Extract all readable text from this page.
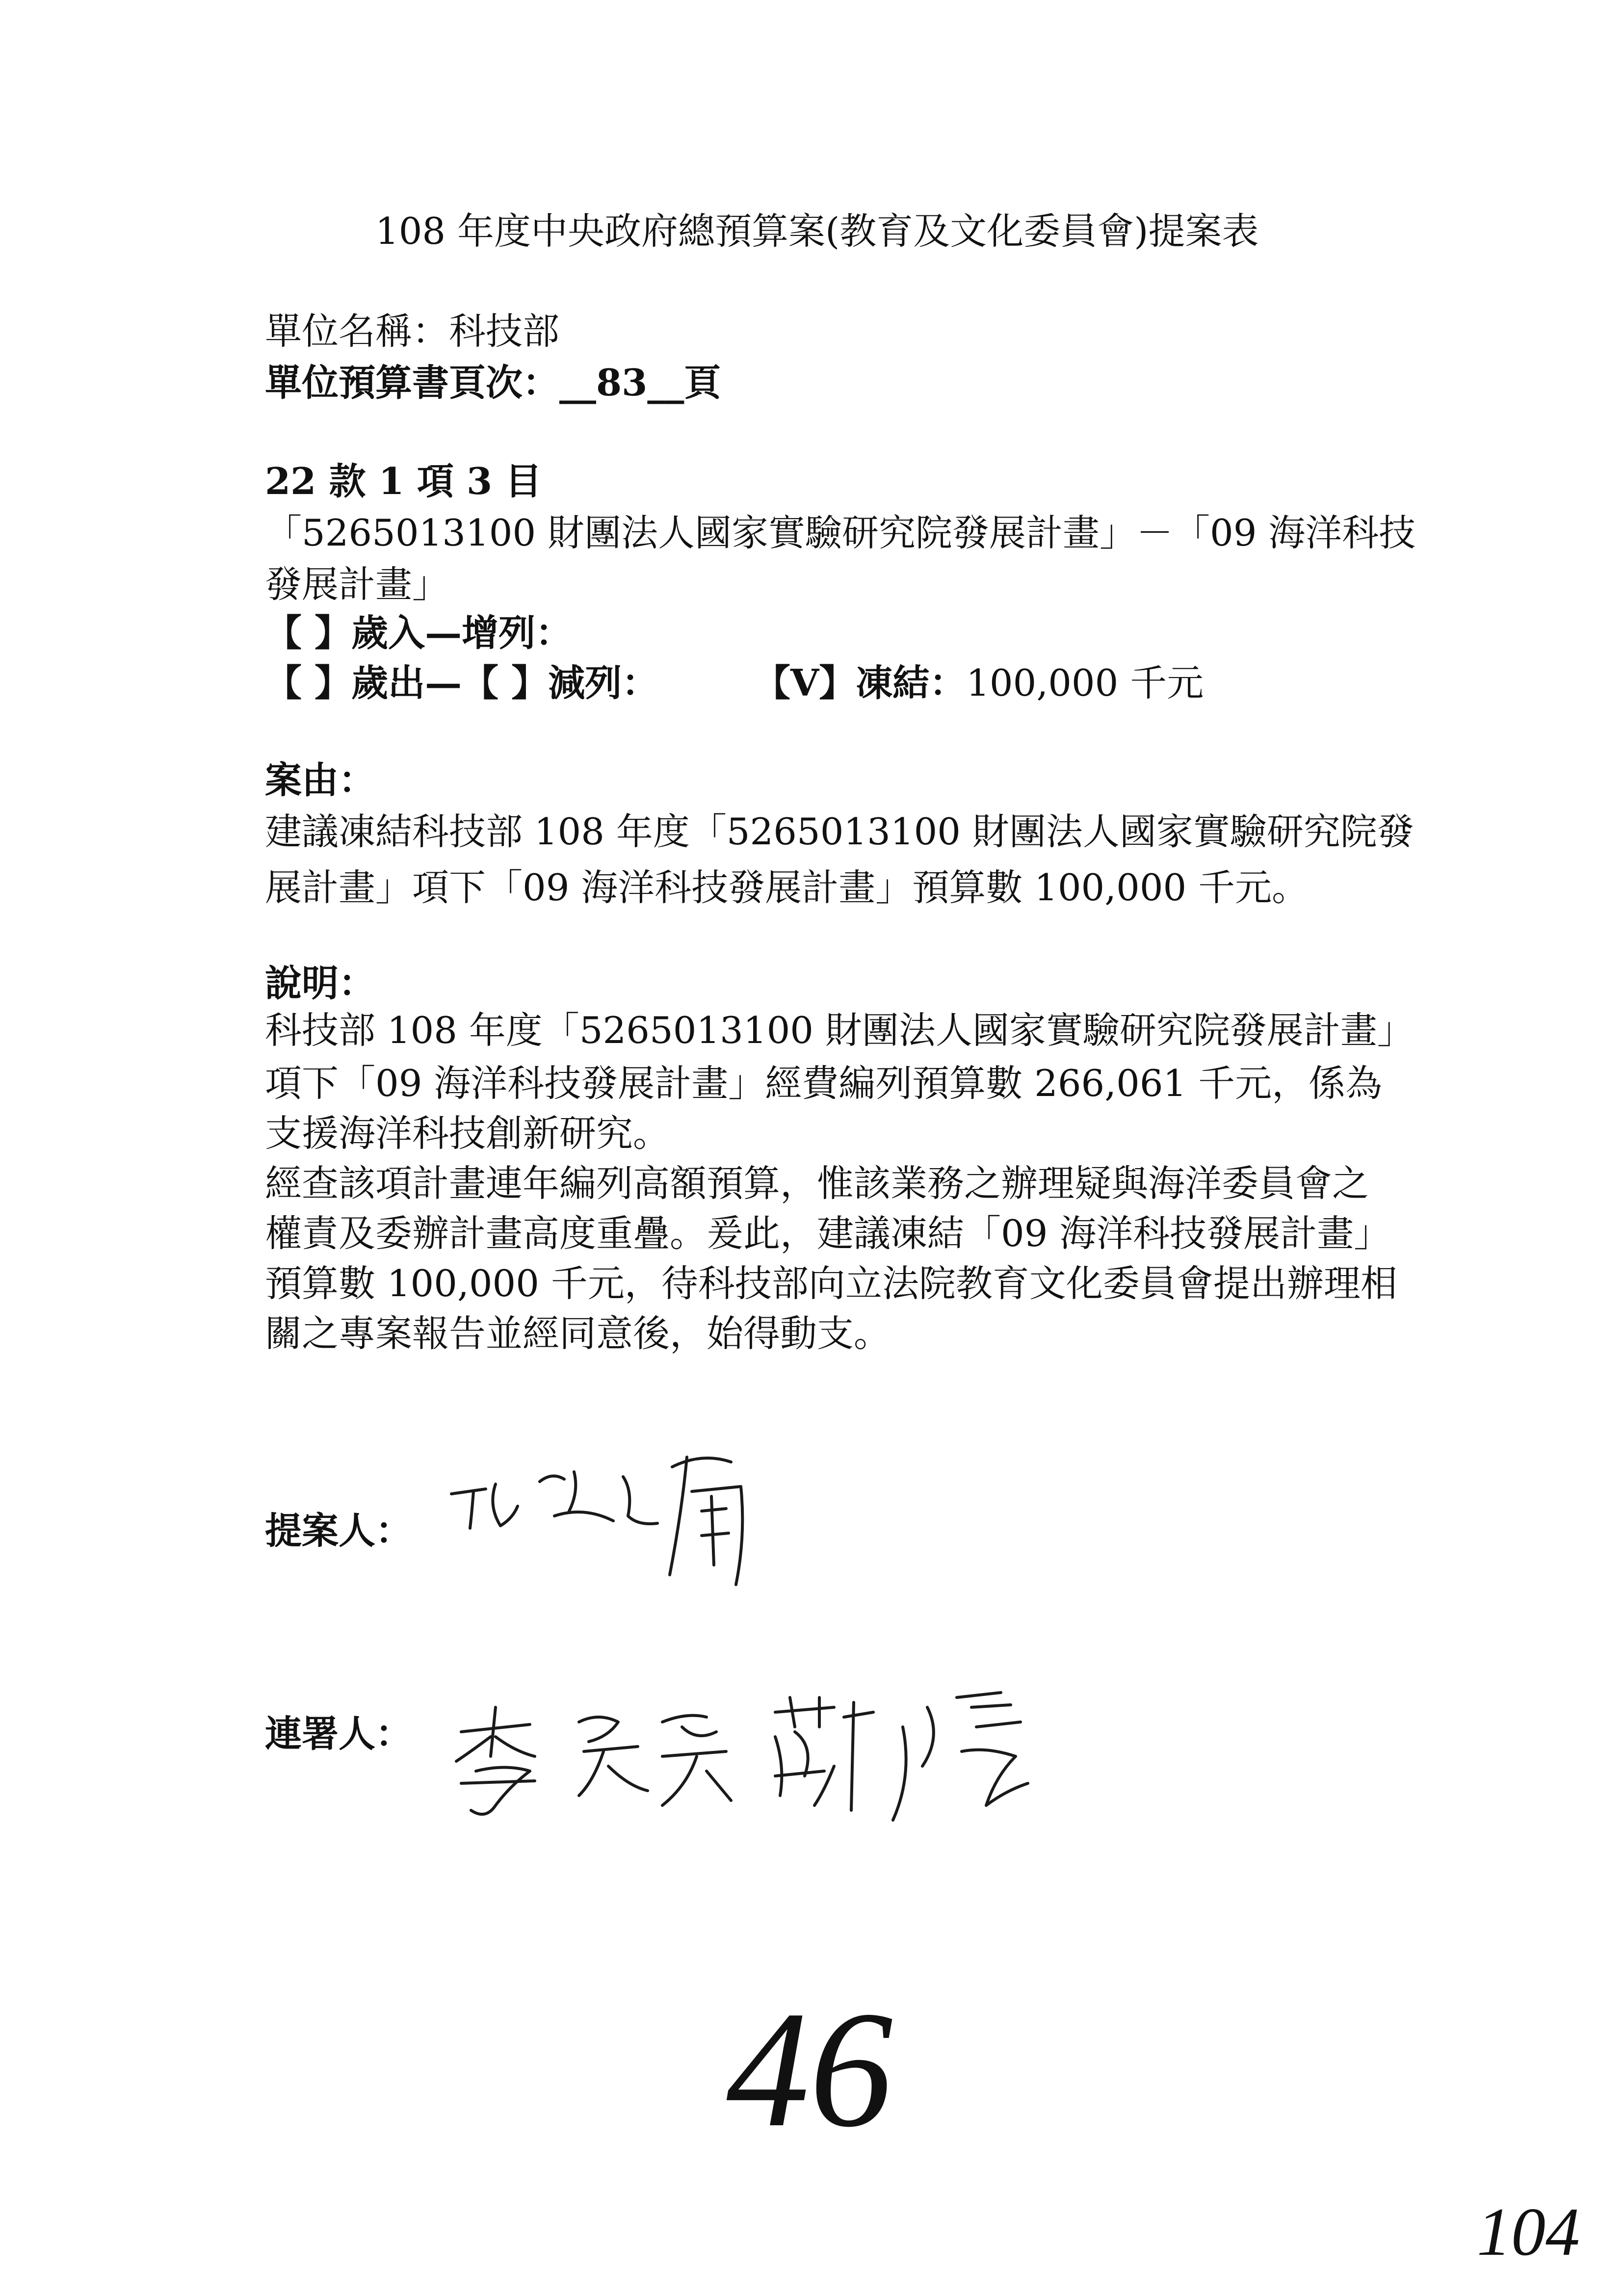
108 年度中央政府總預算案(教育及文化委員會)提案表
單位名稱：科技部
單位預算書頁次：__83__頁
22 款 1 項 3 目
「5265013100 財團法人國家實驗研究院發展計畫」－「09 海洋科技
發展計畫」
【 】歲入—增列：
【 】歲出—【 】減列：	【V】凍結：100,000 千元
案由：
建議凍結科技部 108 年度「5265013100 財團法人國家實驗研究院發
展計畫」項下「09 海洋科技發展計畫」預算數 100,000 千元。
說明：
科技部 108 年度「5265013100 財團法人國家實驗研究院發展計畫」
項下「09 海洋科技發展計畫」經費編列預算數 266,061 千元，係為
支援海洋科技創新研究。
經查該項計畫連年編列高額預算，惟該業務之辦理疑與海洋委員會之
權責及委辦計畫高度重疊。爰此，建議凍結「09 海洋科技發展計畫」
預算數 100,000 千元，待科技部向立法院教育文化委員會提出辦理相
關之專案報告並經同意後，始得動支。
提案人：
連署人：
46
104
